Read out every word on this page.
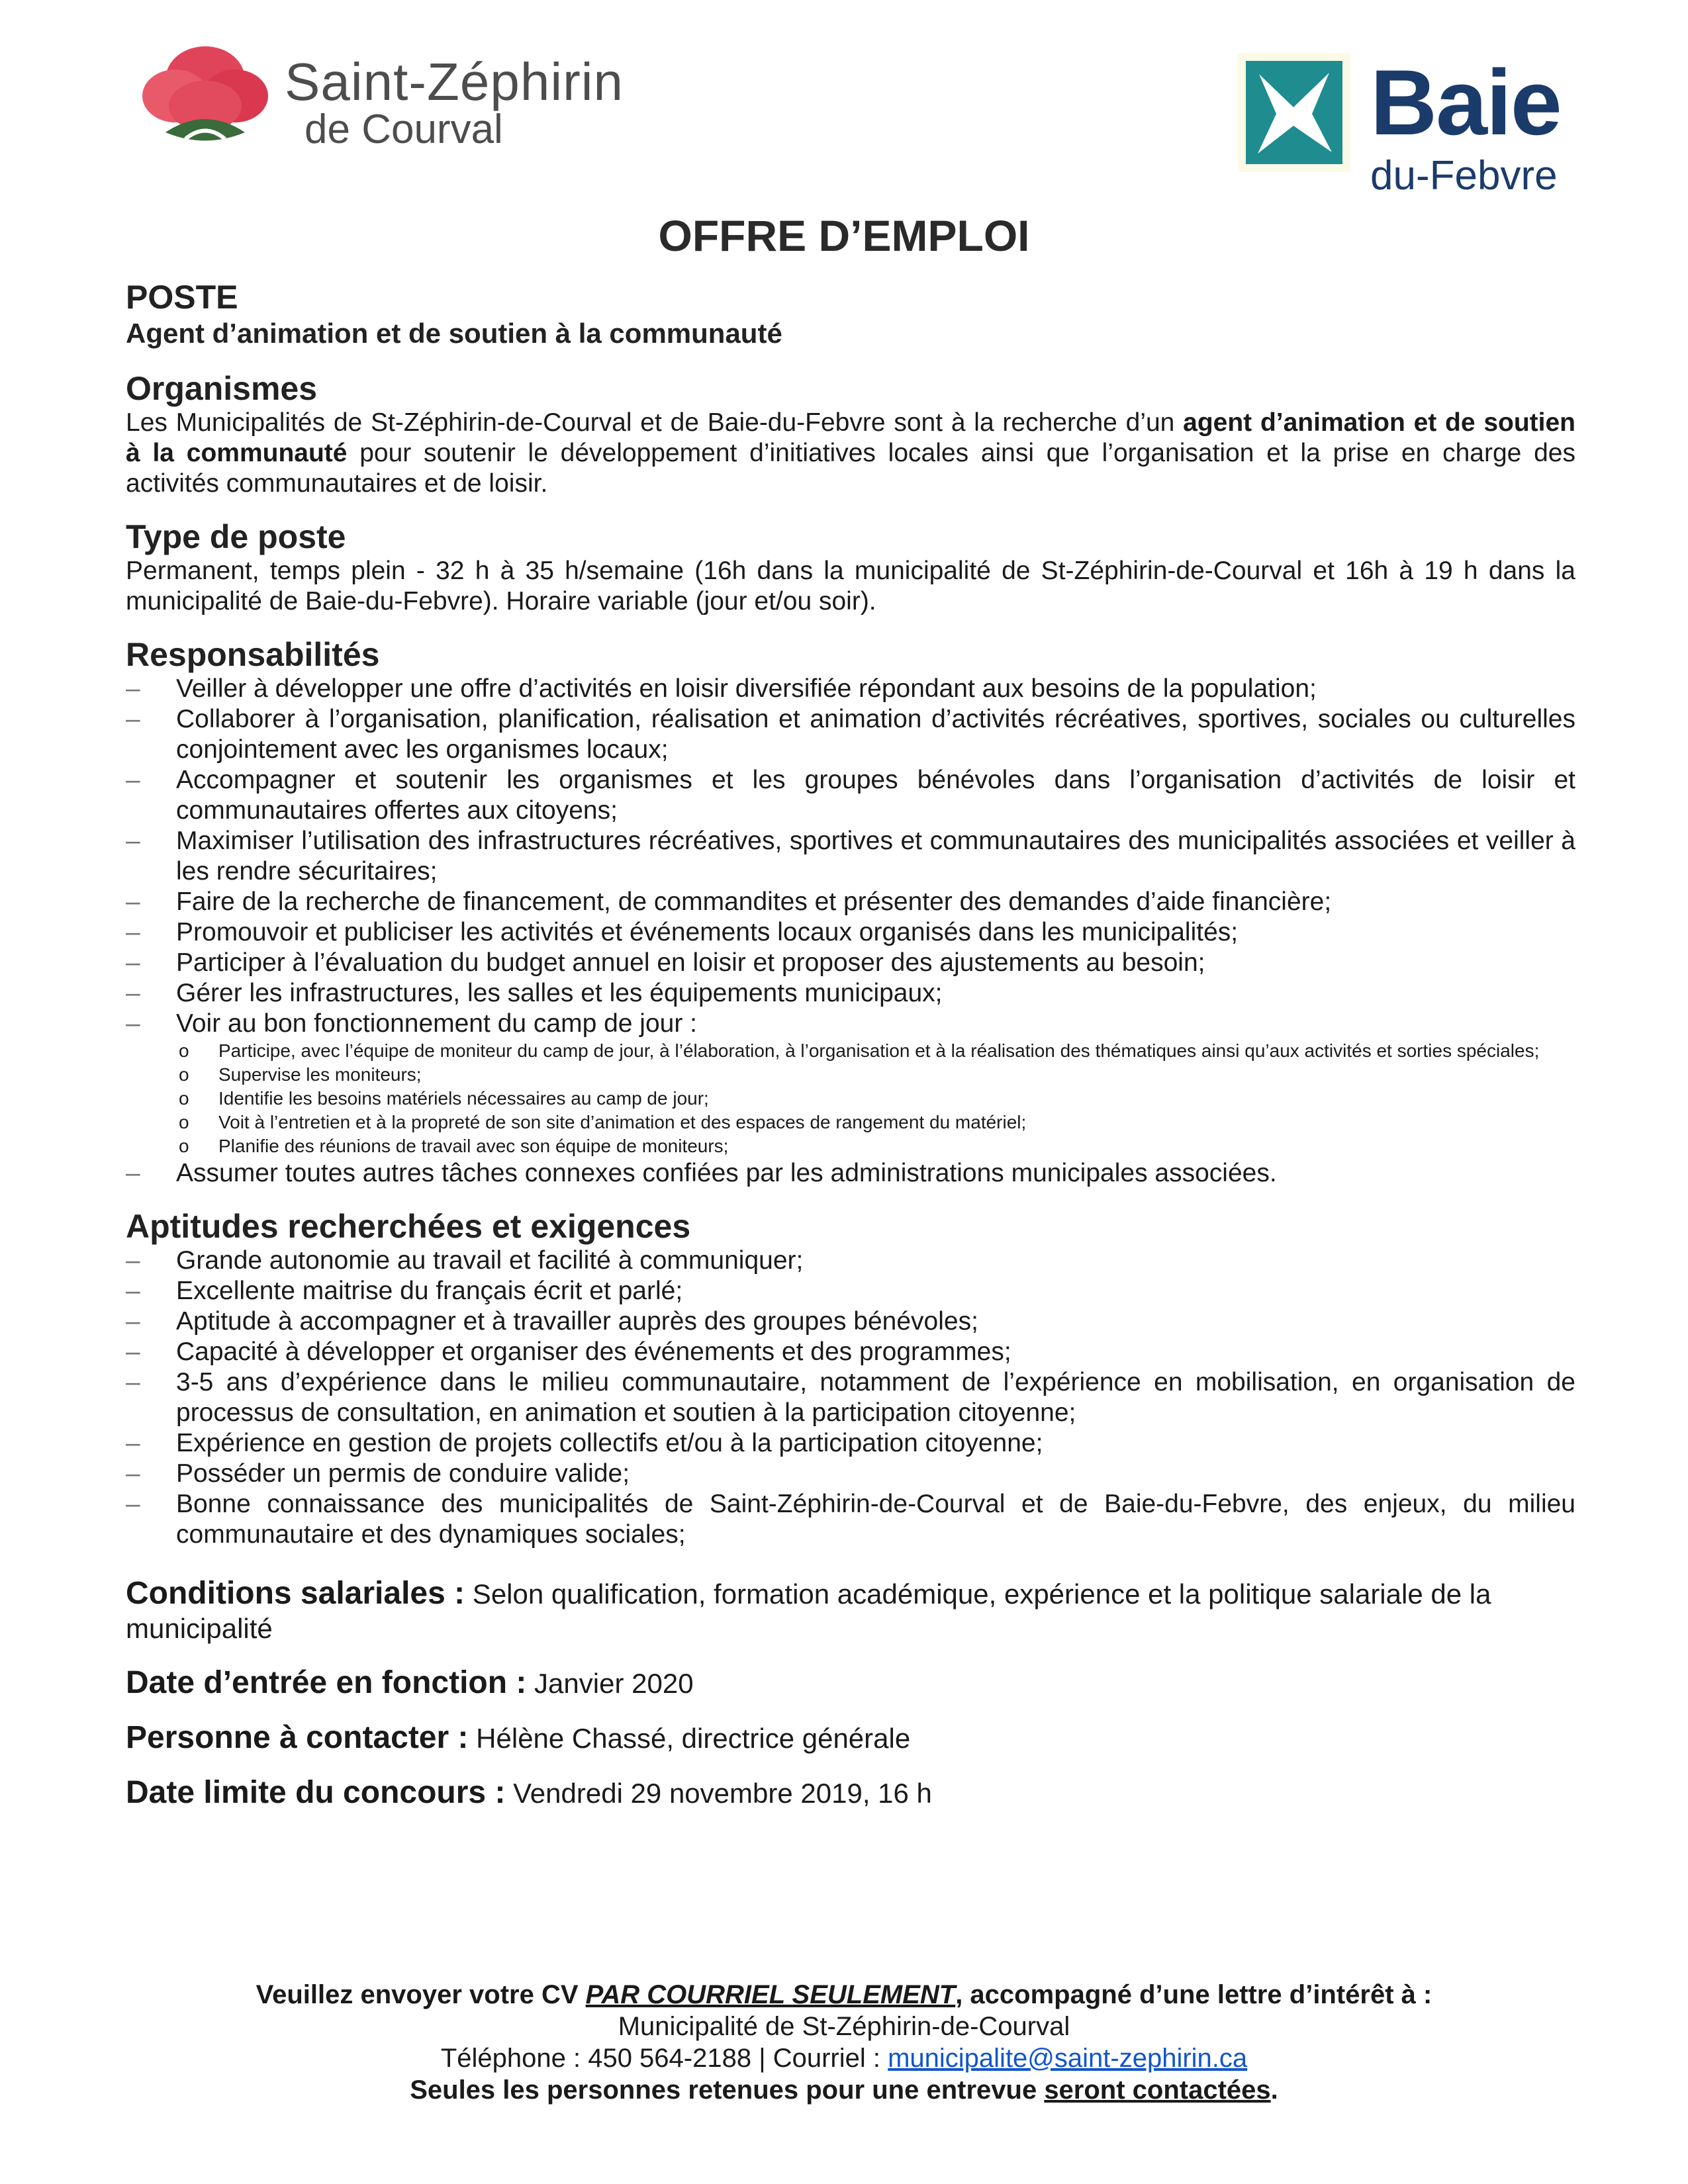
Saint-Zéphirin
de Courval	Baie
du-Febvre
OFFRE D’EMPLOI

POSTE

Agent d’animation et de soutien à la communauté

Organismes

Les Municipalités de St-Zéphirin-de-Courval et de Baie-du-Febvre sont à la recherche d’un agent d’animation et de soutien à la communauté pour soutenir le développement d’initiatives locales ainsi que l’organisation et la prise en charge des activités communautaires et de loisir.

Type de poste

Permanent, temps plein - 32 h à 35 h/semaine (16h dans la municipalité de St-Zéphirin-de-Courval et 16h à 19 h dans la municipalité de Baie-du-Febvre). Horaire variable (jour et/ou soir).

Responsabilités

– Veiller à développer une offre d’activités en loisir diversifiée répondant aux besoins de la population;
– Collaborer à l’organisation, planification, réalisation et animation d’activités récréatives, sportives, sociales ou culturelles conjointement avec les organismes locaux;
– Accompagner et soutenir les organismes et les groupes bénévoles dans l’organisation d’activités de loisir et communautaires offertes aux citoyens;
– Maximiser l’utilisation des infrastructures récréatives, sportives et communautaires des municipalités associées et veiller à les rendre sécuritaires;
– Faire de la recherche de financement, de commandites et présenter des demandes d’aide financière;
– Promouvoir et publiciser les activités et événements locaux organisés dans les municipalités;
– Participer à l’évaluation du budget annuel en loisir et proposer des ajustements au besoin;
– Gérer les infrastructures, les salles et les équipements municipaux;
– Voir au bon fonctionnement du camp de jour :
o Participe, avec l’équipe de moniteur du camp de jour, à l’élaboration, à l’organisation et à la réalisation des thématiques ainsi qu’aux activités et sorties spéciales;
o Supervise les moniteurs;
o Identifie les besoins matériels nécessaires au camp de jour;
o Voit à l’entretien et à la propreté de son site d’animation et des espaces de rangement du matériel;
o Planifie des réunions de travail avec son équipe de moniteurs;
– Assumer toutes autres tâches connexes confiées par les administrations municipales associées.

Aptitudes recherchées et exigences

– Grande autonomie au travail et facilité à communiquer;
– Excellente maitrise du français écrit et parlé;
– Aptitude à accompagner et à travailler auprès des groupes bénévoles;
– Capacité à développer et organiser des événements et des programmes;
– 3-5 ans d’expérience dans le milieu communautaire, notamment de l’expérience en mobilisation, en organisation de processus de consultation, en animation et soutien à la participation citoyenne;
– Expérience en gestion de projets collectifs et/ou à la participation citoyenne;
– Posséder un permis de conduire valide;
– Bonne connaissance des municipalités de Saint-Zéphirin-de-Courval et de Baie-du-Febvre, des enjeux, du milieu communautaire et des dynamiques sociales;

Conditions salariales : Selon qualification, formation académique, expérience et la politique salariale de la municipalité

Date d’entrée en fonction : Janvier 2020

Personne à contacter : Hélène Chassé, directrice générale

Date limite du concours : Vendredi 29 novembre 2019, 16 h

Veuillez envoyer votre CV PAR COURRIEL SEULEMENT, accompagné d’une lettre d’intérêt à :
Municipalité de St-Zéphirin-de-Courval
Téléphone : 450 564-2188 | Courriel : municipalite@saint-zephirin.ca
Seules les personnes retenues pour une entrevue seront contactées.
